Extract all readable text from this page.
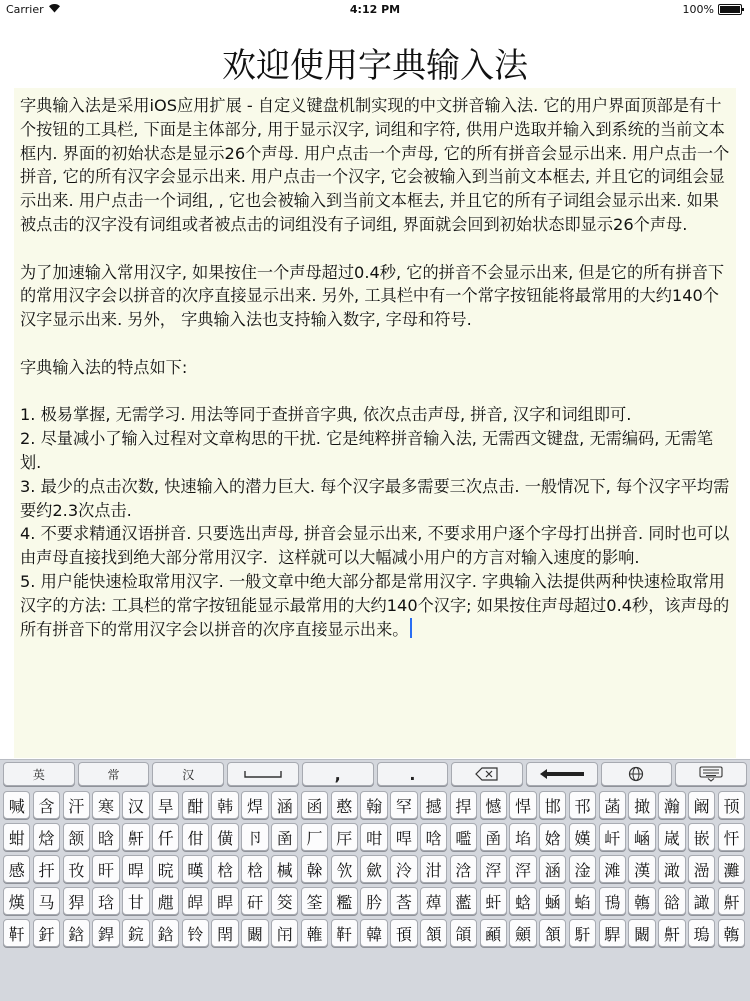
Carrier	4:12 PM	100%
欢迎使用字典输入法
字典输入法是采用iOS应用扩展 - 自定义键盘机制实现的中文拼音输入法. 它的用户界面顶部是有十个按钮的工具栏, 下面是主体部分, 用于显示汉字, 词组和字符, 供用户选取并输入到系统的当前文本框内. 界面的初始状态是显示26个声母. 用户点击一个声母, 它的所有拼音会显示出来. 用户点击一个拼音, 它的所有汉字会显示出来. 用户点击一个汉字, 它会被输入到当前文本框去, 并且它的词组会显示出来. 用户点击一个词组, , 它也会被输入到当前文本框去, 并且它的所有子词组会显示出来. 如果被点击的汉字没有词组或者被点击的词组没有子词组, 界面就会回到初始状态即显示26个声母.

为了加速输入常用汉字, 如果按住一个声母超过0.4秒, 它的拼音不会显示出来, 但是它的所有拼音下的常用汉字会以拼音的次序直接显示出来. 另外, 工具栏中有一个常字按钮能将最常用的大约140个汉字显示出来. 另外， 字典输入法也支持输入数字, 字母和符号.

字典输入法的特点如下:

1. 极易掌握, 无需学习. 用法等同于查拼音字典, 依次点击声母, 拼音, 汉字和词组即可.
2. 尽量减小了输入过程对文章构思的干扰. 它是纯粹拼音输入法, 无需西文键盘, 无需编码, 无需笔划.
3. 最少的点击次数, 快速输入的潜力巨大. 每个汉字最多需要三次点击. 一般情况下, 每个汉字平均需要约2.3次点击.
4. 不要求精通汉语拼音. 只要选出声母, 拼音会显示出来, 不要求用户逐个字母打出拼音. 同时也可以由声母直接找到绝大部分常用汉字.  这样就可以大幅减小用户的方言对输入速度的影响.
5. 用户能快速检取常用汉字. 一般文章中绝大部分都是常用汉字. 字典输入法提供两种快速检取常用汉字的方法: 工具栏的常字按钮能显示最常用的大约140个汉字; 如果按住声母超过0.4秒，该声母的所有拼音下的常用汉字会以拼音的次序直接显示出来。
英	常	汉	,	.
喊 含 汗 寒 汉 旱 酣 韩 焊 涵 函 憨 翰 罕 撼 捍 憾 悍 邯 邗 菡 撖 瀚 阚 顸
蚶 焓 颔 晗 鼾 仟 佄 僙 卪 圅 厂 厈 咁 哻 唅 嚂 圅 埳 娢 嫨 屽 崡 嵅 嵌 忓
感 扞 攼 旰 晘 晥 暵 梒 梒 椷 榦 欦 歛 泠 泔 浛 浫 浫 涵 淦 滩 漢 澉 澏 灘
熯 马 猂 琀 甘 甝 皔 睅 矸 筊 筌 糮 肣 莟 蔊 蘫 虷 蛿 蜬 蜭 鳱 鶾 谽 譀 鼾
靬 釬 鋡 銲 鋎 鋡 铃 閈 闞 闬 雗 靬 韓 頇 頷 頜 顄 顩 頷 馯 駻 闞 鼾 瑦 鶾
